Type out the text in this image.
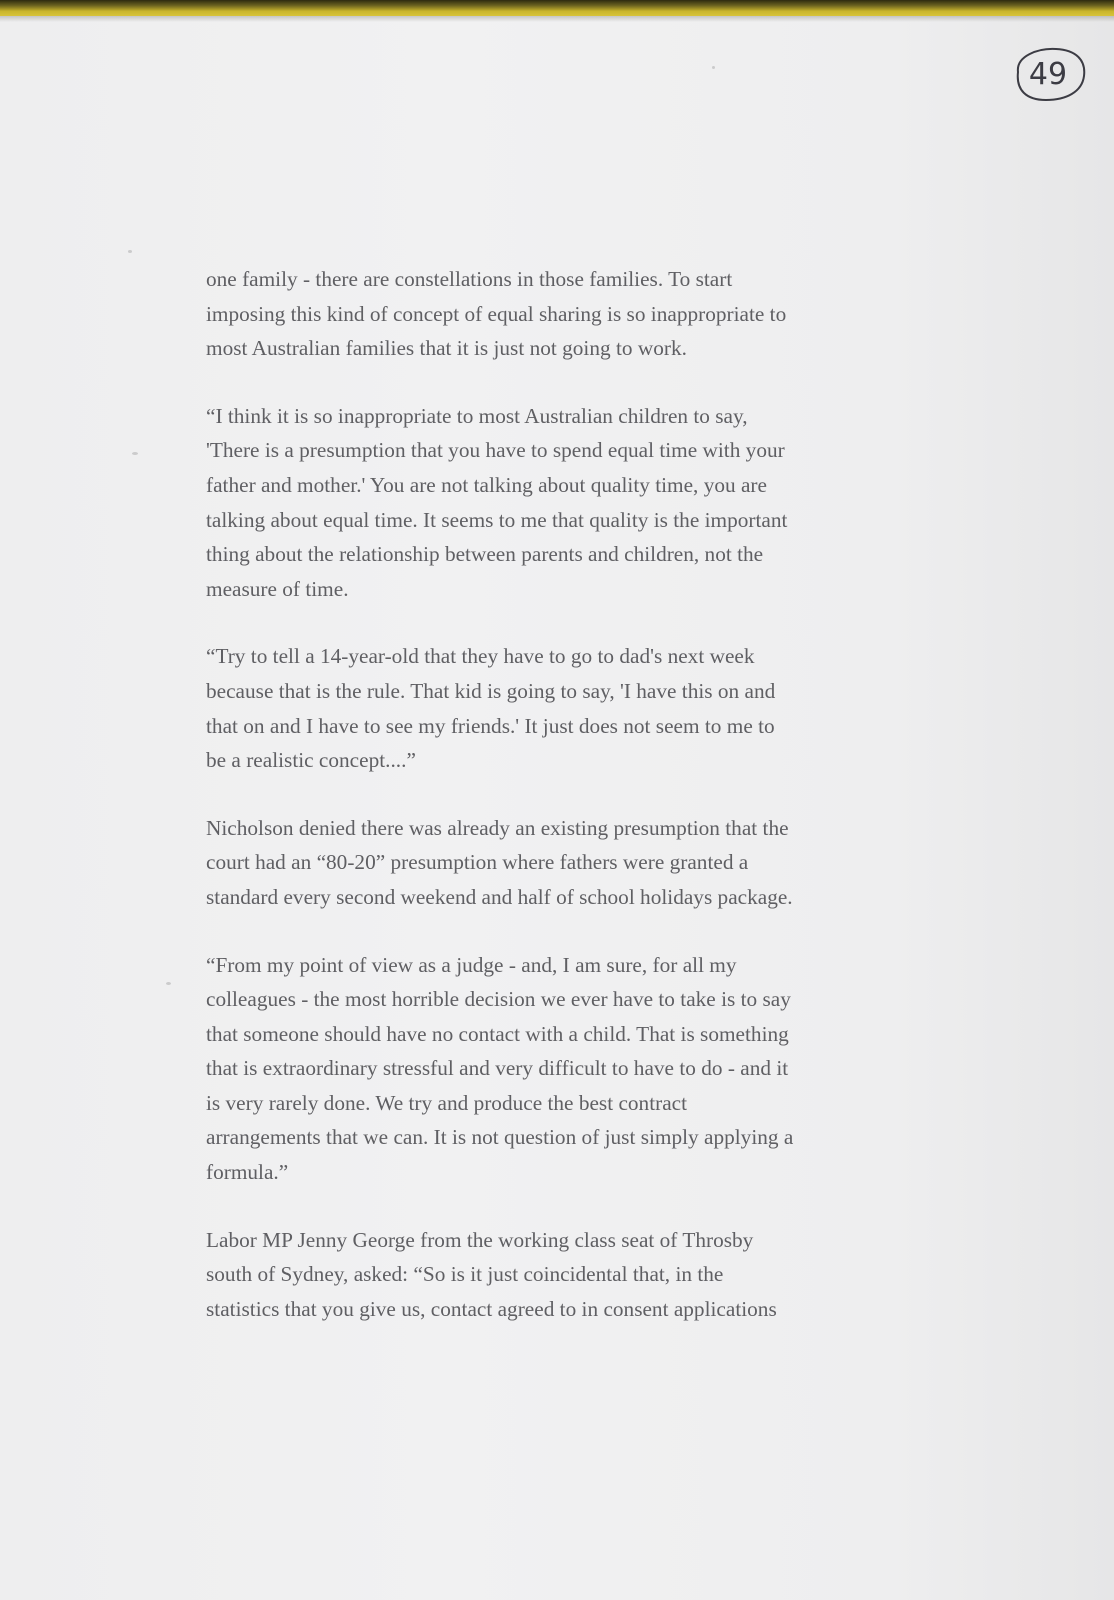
49

one family - there are constellations in those families. To start
imposing this kind of concept of equal sharing is so inappropriate to
most Australian families that it is just not going to work.

“I think it is so inappropriate to most Australian children to say,
'There is a presumption that you have to spend equal time with your
father and mother.' You are not talking about quality time, you are
talking about equal time. It seems to me that quality is the important
thing about the relationship between parents and children, not the
measure of time.

“Try to tell a 14-year-old that they have to go to dad's next week
because that is the rule. That kid is going to say, 'I have this on and
that on and I have to see my friends.' It just does not seem to me to
be a realistic concept....”

Nicholson denied there was already an existing presumption that the
court had an “80-20” presumption where fathers were granted a
standard every second weekend and half of school holidays package.

“From my point of view as a judge - and, I am sure, for all my
colleagues - the most horrible decision we ever have to take is to say
that someone should have no contact with a child. That is something
that is extraordinary stressful and very difficult to have to do - and it
is very rarely done. We try and produce the best contract
arrangements that we can. It is not question of just simply applying a
formula.”

Labor MP Jenny George from the working class seat of Throsby
south of Sydney, asked: “So is it just coincidental that, in the
statistics that you give us, contact agreed to in consent applications
